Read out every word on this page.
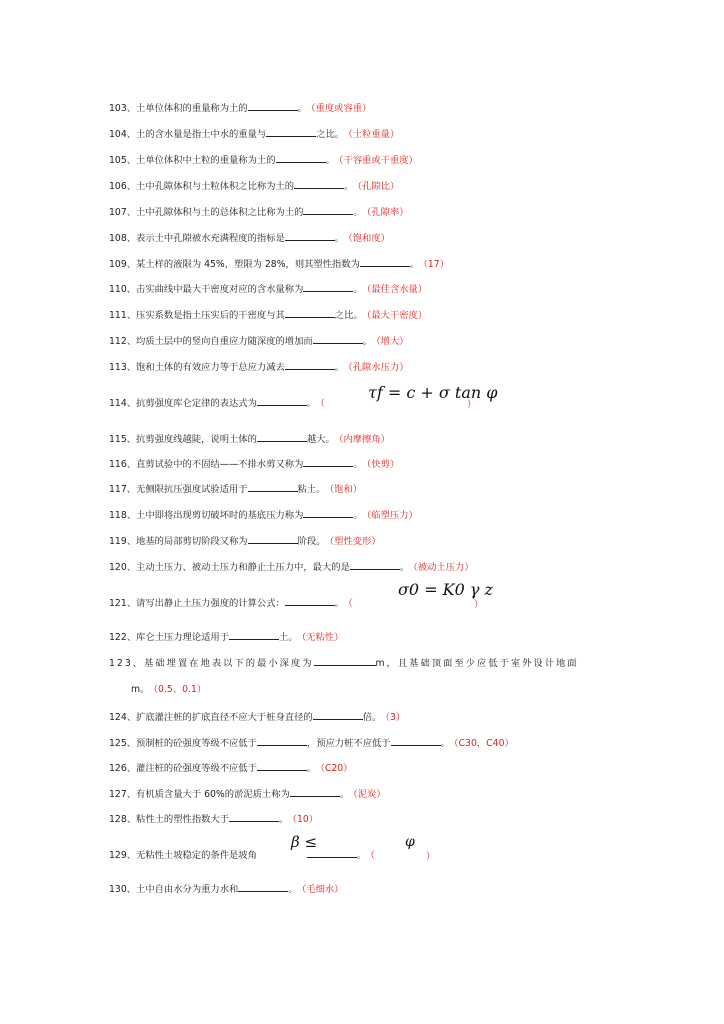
103、土单位体积的重量称为土的	。 （重度或容重）
104、土的含水量是指土中水的重量与	之比。 （土粒重量）
105、土单位体积中土粒的重量称为土的	。 （干容重或干重度）
106、土中孔隙体积与土粒体积之比称为土的	。 （孔隙比）
107、土中孔隙体积与土的总体积之比称为土的	。 （孔隙率）
108、表示土中孔隙被水充满程度的指标是	。 （饱和度）
109、某土样的液限为 45%，塑限为 28%，则其塑性指数为	。 （17）
110、击实曲线中最大干密度对应的含水量称为	。 （最佳含水量）
111、压实系数是指土压实后的干密度与其	之比。 （最大干密度）
112、均质土层中的竖向自重应力随深度的增加而	。 （增大）
113、饱和土体的有效应力等于总应力减去	。 （孔隙水压力）
114、抗剪强度库仑定律的表达式为	。 （
τf = c + σ tan φ
）
115、抗剪强度线越陡，说明土体的	越大。 （内摩擦角）
116、直剪试验中的不固结——不排水剪又称为	。 （快剪）
117、无侧限抗压强度试验适用于	粘土。 （饱和）
118、土中即将出现剪切破坏时的基底压力称为	。 （临塑压力）
119、地基的局部剪切阶段又称为	阶段。 （塑性变形）
120、主动土压力、被动土压力和静止土压力中，最大的是	。 （被动土压力）
121、请写出静止土压力强度的计算公式：	。 （
σ0 = K0 γ z
）
122、库仑土压力理论适用于	土。 （无粘性）
123、基础埋置在地表以下的最小深度为	m，且基础顶面至少应低于室外设计地面
m。 （0.5、0.1）
124、扩底灌注桩的扩底直径不应大于桩身直径的	倍。 （3）
125、预制桩的砼强度等级不应低于	，预应力桩不应低于	。 （C30，C40）
126、灌注桩的砼强度等级不应低于	。 （C20）
127、有机质含量大于 60%的淤泥质土称为	。 （泥炭）
128、粘性土的塑性指数大于	。 （10）
129、无粘性土坡稳定的条件是坡角	。 （
β ≤	φ
）
130、土中自由水分为重力水和	。 （毛细水）
